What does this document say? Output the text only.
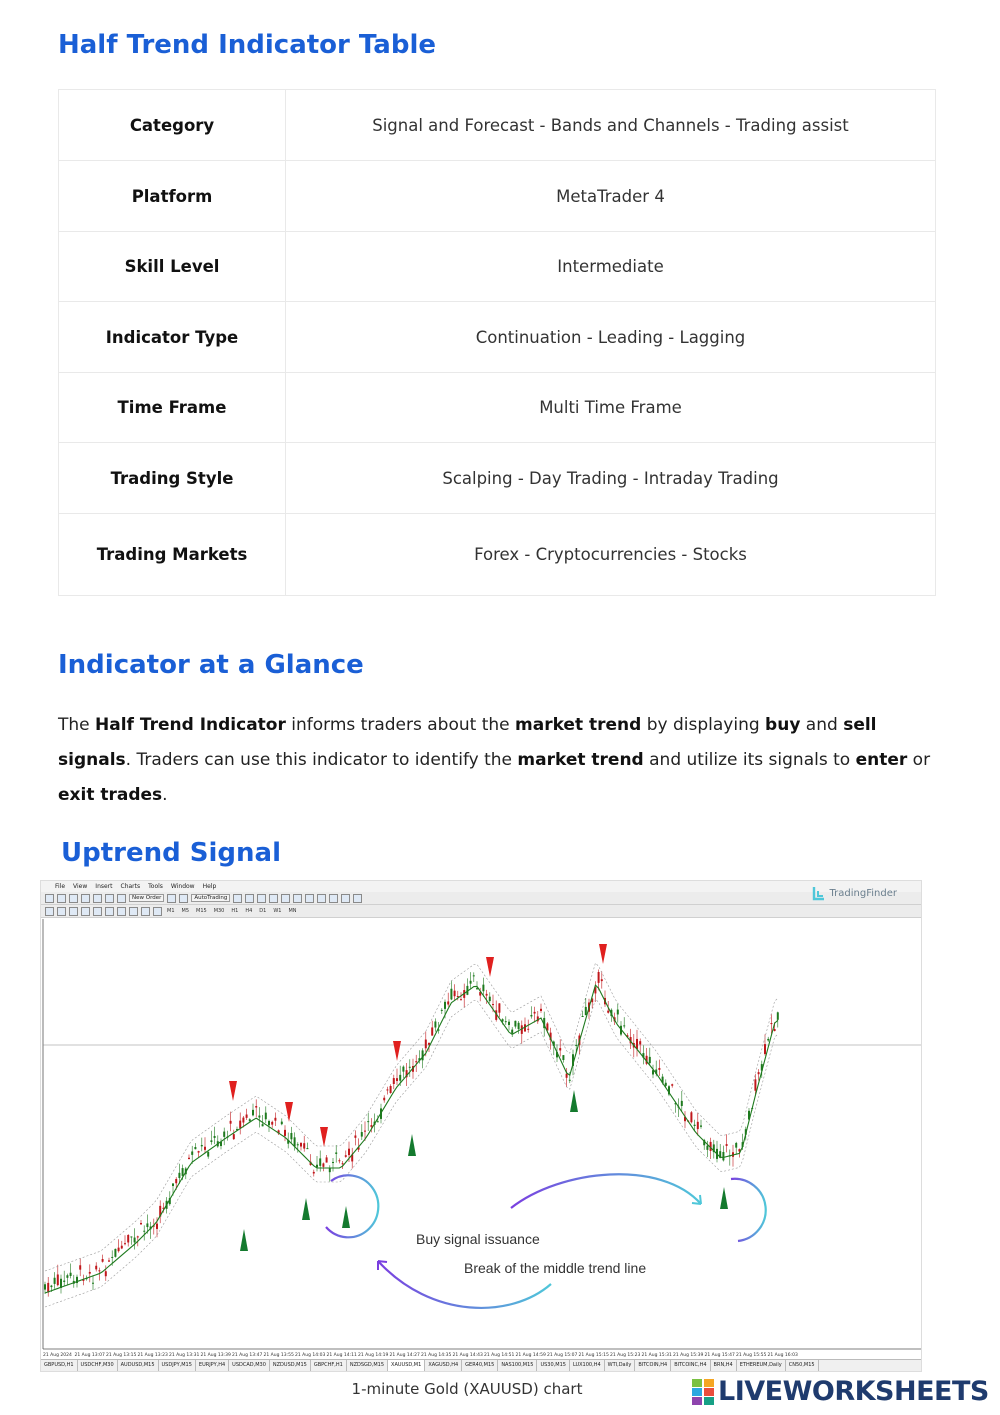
Half Trend Indicator Table
Category	Signal and Forecast - Bands and Channels - Trading assist
Platform	MetaTrader 4
Skill Level	Intermediate
Indicator Type	Continuation - Leading - Lagging
Time Frame	Multi Time Frame
Trading Style	Scalping - Day Trading - Intraday Trading
Trading Markets	Forex - Cryptocurrencies - Stocks
Indicator at a Glance
The Half Trend Indicator informs traders about the market trend by displaying buy and sell signals. Traders can use this indicator to identify the market trend and utilize its signals to enter or exit trades.
Uptrend Signal
File View Insert Charts Tools Window Help
New Order	AutoTrading
M1	M5	M15	M30	H1	H4	D1	W1	MN
TradingFinder
Buy signal issuance
Break of the middle trend line
21 Aug 2024 21 Aug 13:07 21 Aug 13:15 21 Aug 13:23 21 Aug 13:31 21 Aug 13:39 21 Aug 13:47 21 Aug 13:55 21 Aug 14:03 21 Aug 14:11 21 Aug 14:19 21 Aug 14:27 21 Aug 14:35 21 Aug 14:43 21 Aug 14:51 21 Aug 14:59 21 Aug 15:07 21 Aug 15:15 21 Aug 15:23 21 Aug 15:31 21 Aug 15:39 21 Aug 15:47 21 Aug 15:55 21 Aug 16:03
GBPUSD,H1	USDCHF,M30	AUDUSD,M15	USDJPY,M15	EURJPY,H4	USDCAD,M30	NZDUSD,M15	GBPCHF,H1	NZDSGD,M15	XAUUSD,M1	XAGUSD,H4	GER40,M15	NAS100,M15	US30,M15	LUX100,H4	WTI,Daily	BITCOIN,H4	BITCOINC,H4	BRN,H4	ETHEREUM,Daily	CN50,M15
1-minute Gold (XAUUSD) chart	LIVEWORKSHEETS
